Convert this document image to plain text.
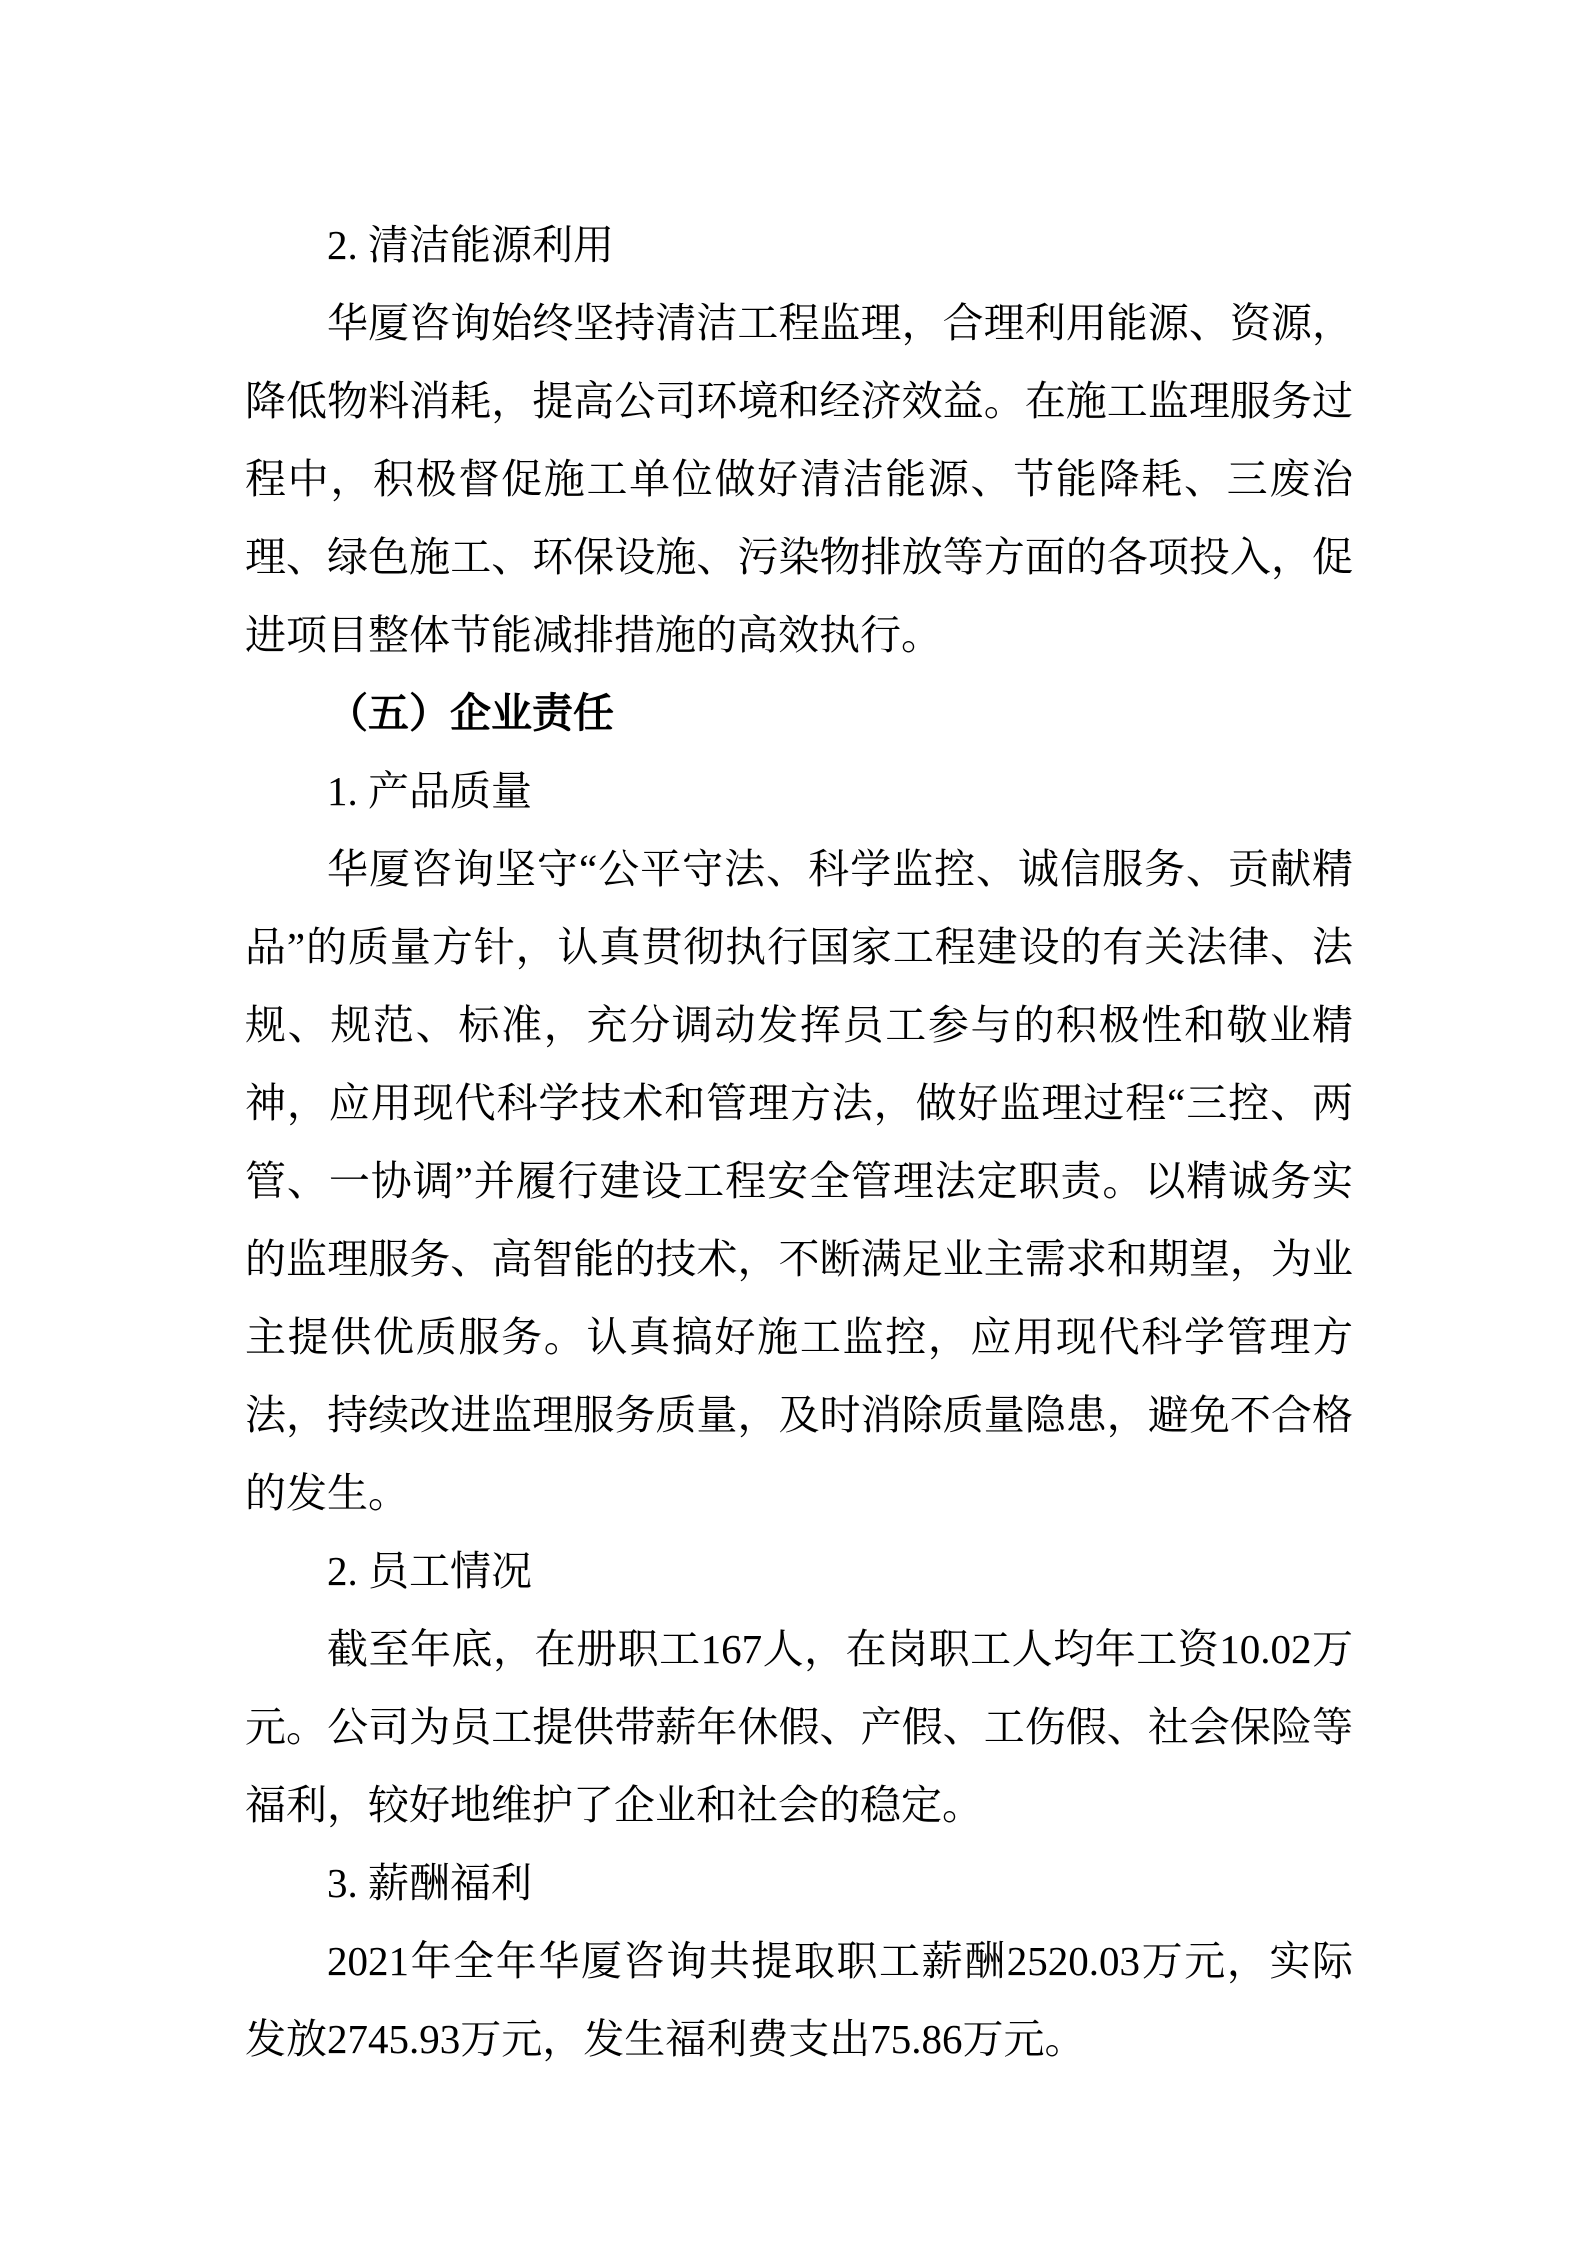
2. 清洁能源利用

华厦咨询始终坚持清洁工程监理，合理利用能源、资源，降低物料消耗，提高公司环境和经济效益。在施工监理服务过程中，积极督促施工单位做好清洁能源、节能降耗、三废治理、绿色施工、环保设施、污染物排放等方面的各项投入，促进项目整体节能减排措施的高效执行。

（五）企业责任

1. 产品质量

华厦咨询坚守“公平守法、科学监控、诚信服务、贡献精品”的质量方针，认真贯彻执行国家工程建设的有关法律、法规、规范、标准，充分调动发挥员工参与的积极性和敬业精神，应用现代科学技术和管理方法，做好监理过程“三控、两管、一协调”并履行建设工程安全管理法定职责。以精诚务实的监理服务、高智能的技术，不断满足业主需求和期望，为业主提供优质服务。认真搞好施工监控，应用现代科学管理方法，持续改进监理服务质量，及时消除质量隐患，避免不合格的发生。

2. 员工情况

截至年底，在册职工167人，在岗职工人均年工资10.02万元。公司为员工提供带薪年休假、产假、工伤假、社会保险等福利，较好地维护了企业和社会的稳定。

3. 薪酬福利

2021年全年华厦咨询共提取职工薪酬2520.03万元，实际发放2745.93万元，发生福利费支出75.86万元。
